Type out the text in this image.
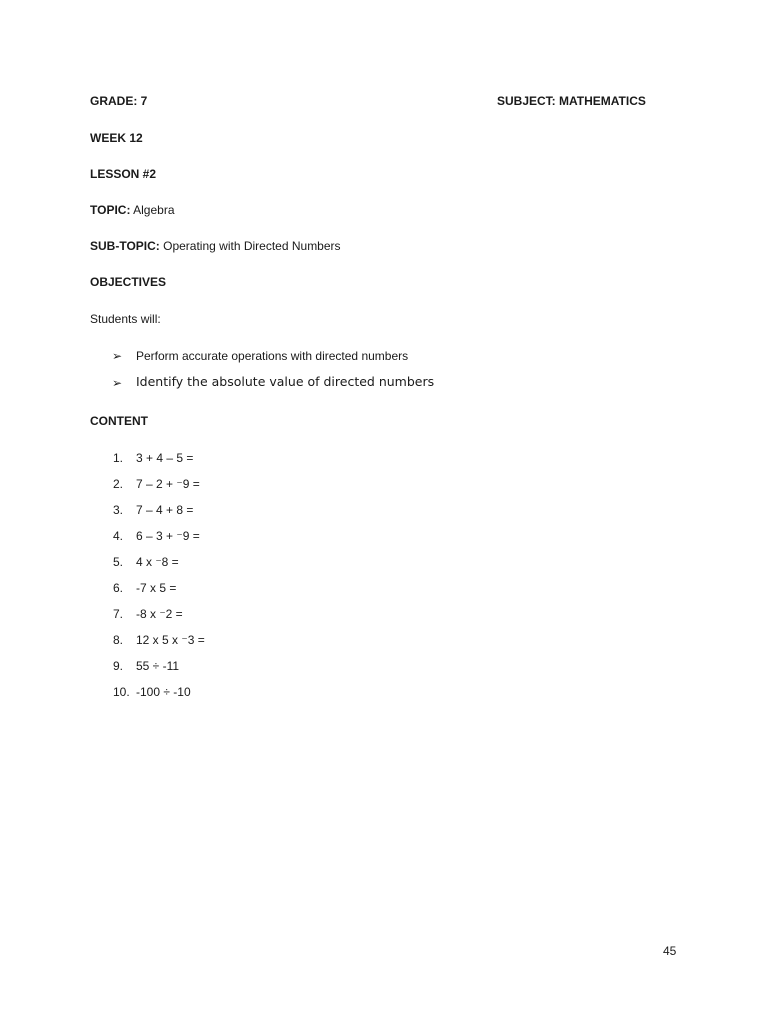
GRADE: 7	SUBJECT: MATHEMATICS
WEEK 12
LESSON #2
TOPIC: Algebra
SUB-TOPIC: Operating with Directed Numbers
OBJECTIVES
Students will:
➢ Perform accurate operations with directed numbers
➢ Identify the absolute value of directed numbers
CONTENT
1.	3 + 4 – 5 =
2.	7 – 2 + ⁻9 =
3.	7 – 4 + 8 =
4.	6 – 3 + ⁻9 =
5.	4 x ⁻8 =
6.	-7 x 5 =
7.	-8 x ⁻2 =
8.	12 x 5 x ⁻3 =
9.	55 ÷ -11
10. -100 ÷ -10
45
